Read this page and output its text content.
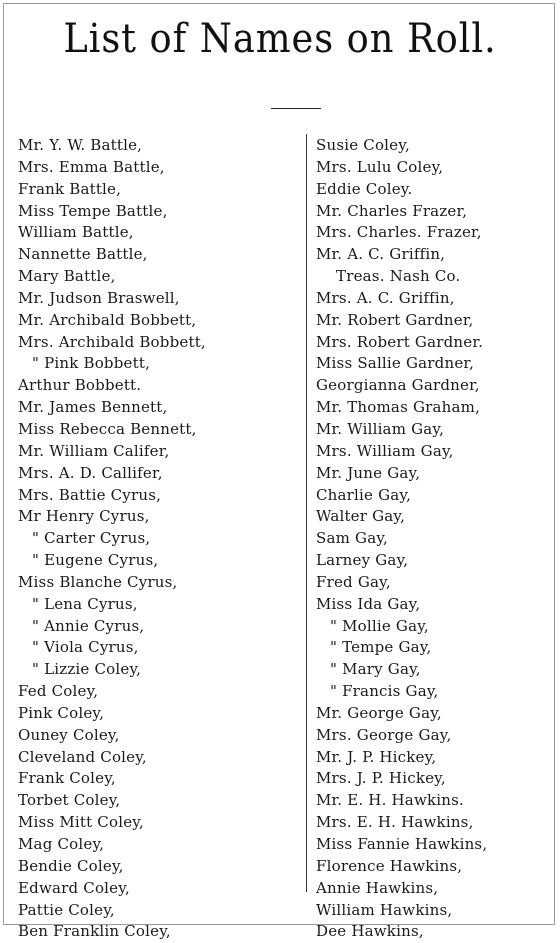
List of Names on Roll.
Mr. Y. W. Battle,
Mrs. Emma Battle,
Frank Battle,
Miss Tempe Battle,
William Battle,
Nannette Battle,
Mary Battle,
Mr. Judson Braswell,
Mr. Archibald Bobbett,
Mrs. Archibald Bobbett,
" Pink Bobbett,
Arthur Bobbett.
Mr. James Bennett,
Miss Rebecca Bennett,
Mr. William Califer,
Mrs. A. D. Callifer,
Mrs. Battie Cyrus,
Mr Henry Cyrus,
" Carter Cyrus,
" Eugene Cyrus,
Miss Blanche Cyrus,
" Lena Cyrus,
" Annie Cyrus,
" Viola Cyrus,
" Lizzie Coley,
Fed Coley,
Pink Coley,
Ouney Coley,
Cleveland Coley,
Frank Coley,
Torbet Coley,
Miss Mitt Coley,
Mag Coley,
Bendie Coley,
Edward Coley,
Pattie Coley,
Ben Franklin Coley,
Susie Coley,
Mrs. Lulu Coley,
Eddie Coley.
Mr. Charles Frazer,
Mrs. Charles. Frazer,
Mr. A. C. Griffin,
Treas. Nash Co.
Mrs. A. C. Griffin,
Mr. Robert Gardner,
Mrs. Robert Gardner.
Miss Sallie Gardner,
Georgianna Gardner,
Mr. Thomas Graham,
Mr. William Gay,
Mrs. William Gay,
Mr. June Gay,
Charlie Gay,
Walter Gay,
Sam Gay,
Larney Gay,
Fred Gay,
Miss Ida Gay,
" Mollie Gay,
" Tempe Gay,
" Mary Gay,
" Francis Gay,
Mr. George Gay,
Mrs. George Gay,
Mr. J. P. Hickey,
Mrs. J. P. Hickey,
Mr. E. H. Hawkins.
Mrs. E. H. Hawkins,
Miss Fannie Hawkins,
Florence Hawkins,
Annie Hawkins,
William Hawkins,
Dee Hawkins,
